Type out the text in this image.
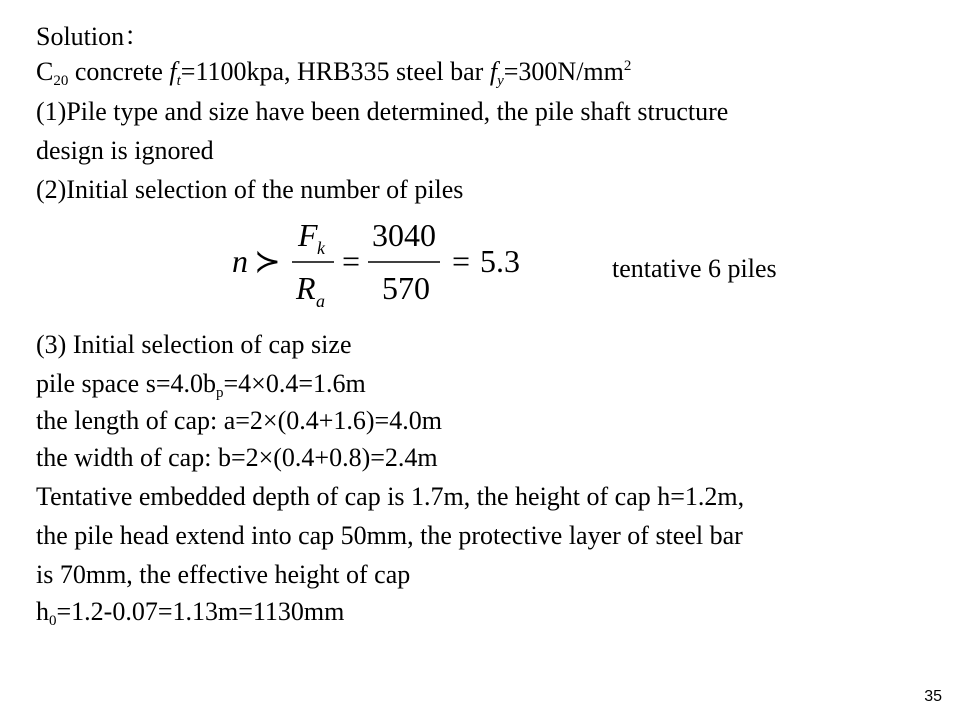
Solution：
$C_{20}$ concrete $f_t=1100kpa$, HRB335 steel bar $f_y=300N/mm^2$
(1)Pile type and size have been determined, the pile shaft structure
design is ignored
(2)Initial selection of the number of piles
n ≻
F k
R a
=
3040
570
= 5.3	tentative 6 piles
(3) Initial selection of cap size
pile space $s=4.0b_p=4\times 0.4=1.6m$
the length of cap: a=2×(0.4+1.6)=4.0m
the width of cap: b=2×(0.4+0.8)=2.4m
Tentative embedded depth of cap is 1.7m, the height of cap h=1.2m,
the pile head extend into cap 50mm, the protective layer of steel bar
is 70mm, the effective height of cap
$h_0=1.2-0.07=1.13m=1130mm$
35
